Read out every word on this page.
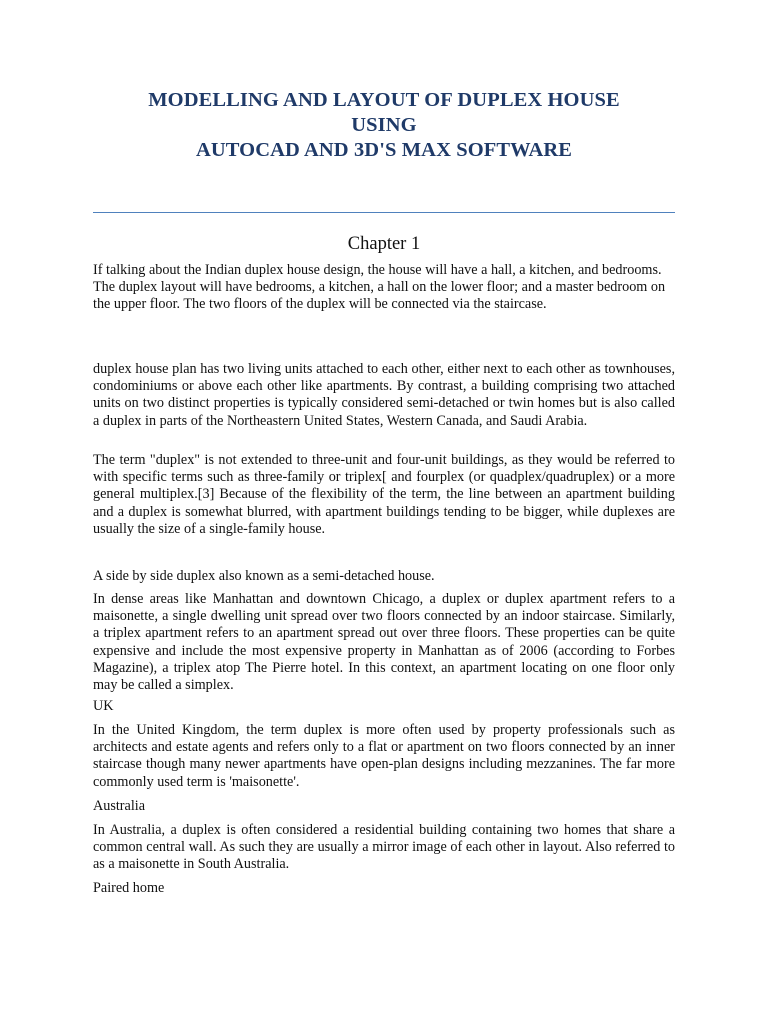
MODELLING AND LAYOUT OF DUPLEX HOUSE
USING
AUTOCAD AND 3D'S MAX SOFTWARE
Chapter 1

If talking about the Indian duplex house design, the house will have a hall, a kitchen, and bedrooms. The duplex layout will have bedrooms, a kitchen, a hall on the lower floor; and a master bedroom on the upper floor. The two floors of the duplex will be connected via the staircase.

duplex house plan has two living units attached to each other, either next to each other as townhouses, condominiums or above each other like apartments. By contrast, a building comprising two attached units on two distinct properties is typically considered semi-detached or twin homes but is also called a duplex in parts of the Northeastern United States, Western Canada, and Saudi Arabia.

The term "duplex" is not extended to three-unit and four-unit buildings, as they would be referred to with specific terms such as three-family or triplex[ and fourplex (or quadplex/quadruplex) or a more general multiplex.[3] Because of the flexibility of the term, the line between an apartment building and a duplex is somewhat blurred, with apartment buildings tending to be bigger, while duplexes are usually the size of a single-family house.

A side by side duplex also known as a semi-detached house.

In dense areas like Manhattan and downtown Chicago, a duplex or duplex apartment refers to a maisonette, a single dwelling unit spread over two floors connected by an indoor staircase. Similarly, a triplex apartment refers to an apartment spread out over three floors. These properties can be quite expensive and include the most expensive property in Manhattan as of 2006 (according to Forbes Magazine), a triplex atop The Pierre hotel. In this context, an apartment locating on one floor only may be called a simplex.

UK

In the United Kingdom, the term duplex is more often used by property professionals such as architects and estate agents and refers only to a flat or apartment on two floors connected by an inner staircase though many newer apartments have open-plan designs including mezzanines. The far more commonly used term is 'maisonette'.

Australia

In Australia, a duplex is often considered a residential building containing two homes that share a common central wall. As such they are usually a mirror image of each other in layout. Also referred to as a maisonette in South Australia.

Paired home
